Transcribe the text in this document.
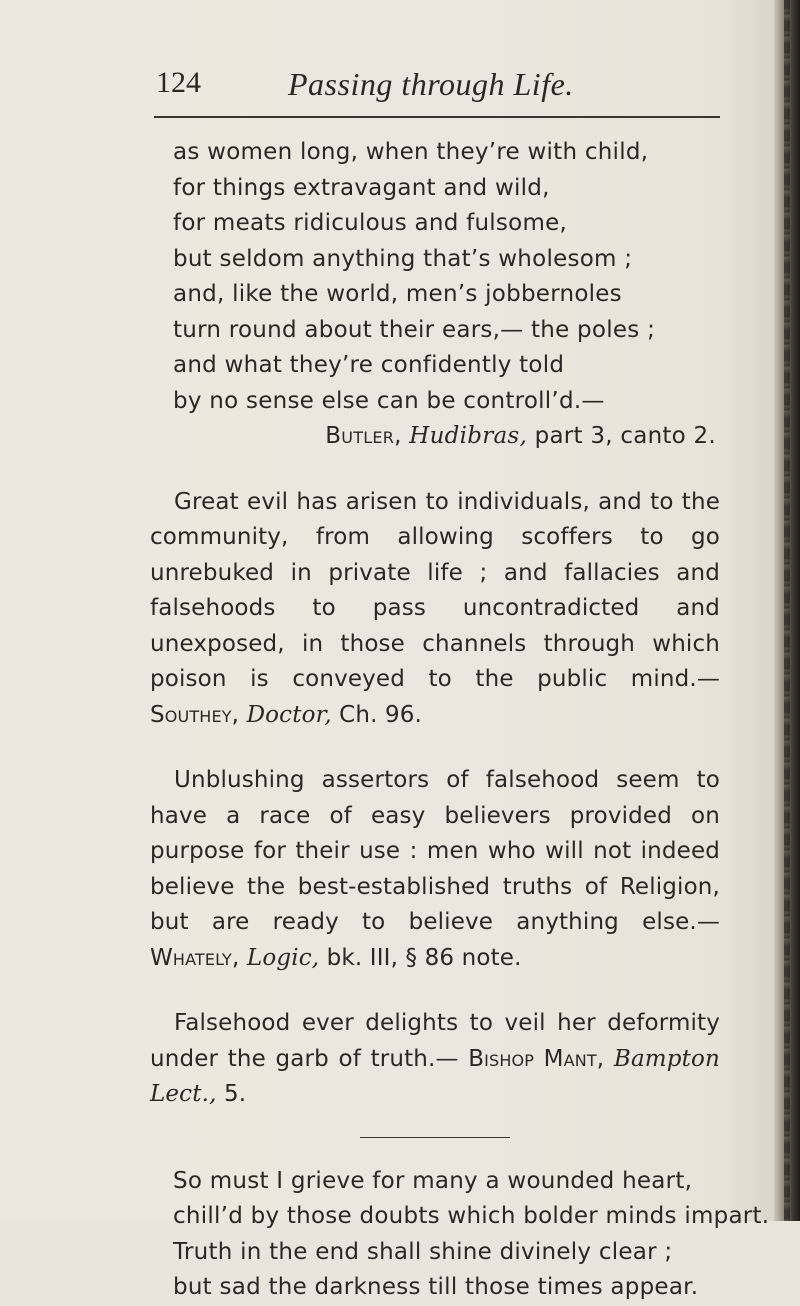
124	Passing through Life.
as women long, when they’re with child,
for things extravagant and wild,
for meats ridiculous and fulsome,
but seldom anything that’s wholesom ;
and, like the world, men’s jobbernoles
turn round about their ears,— the poles ;
and what they’re confidently told
by no sense else can be controll’d.—
Butler, Hudibras, part 3, canto 2.

Great evil has arisen to individuals, and to the community, from allowing scoffers to go unrebuked in private life ; and fallacies and falsehoods to pass uncontradicted and unexposed, in those channels through which poison is conveyed to the public mind.— Southey, Doctor, Ch. 96.

Unblushing assertors of falsehood seem to have a race of easy believers provided on purpose for their use : men who will not indeed believe the best-established truths of Religion, but are ready to believe anything else.— Whately, Logic, bk. III, § 86 note.

Falsehood ever delights to veil her deformity under the garb of truth.— Bishop Mant, Bampton Lect., 5.

So must I grieve for many a wounded heart,
chill’d by those doubts which bolder minds impart.
Truth in the end shall shine divinely clear ;
but sad the darkness till those times appear.
